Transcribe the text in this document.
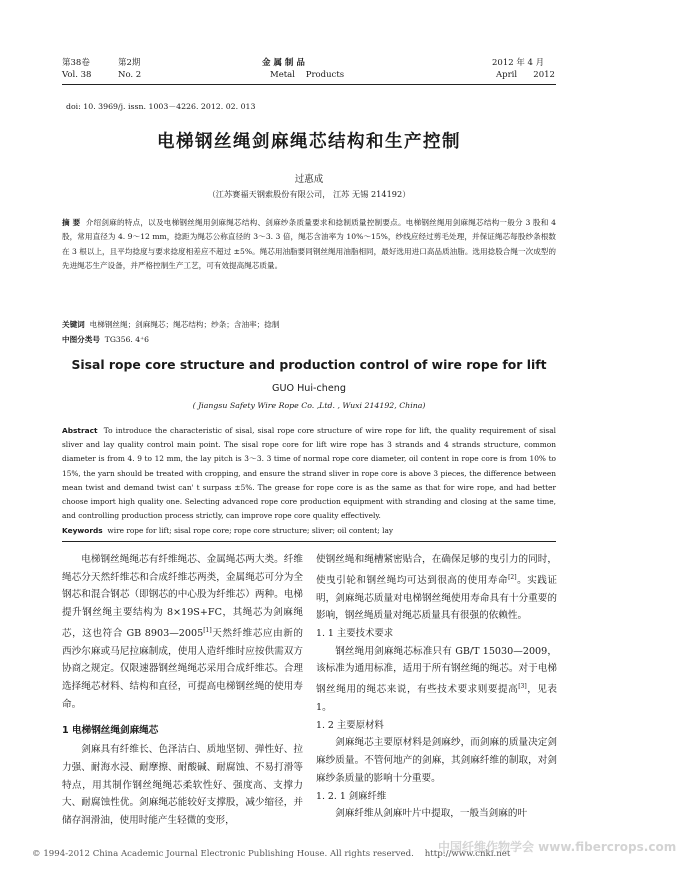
第38卷	第2期
Vol. 38	No. 2
金 属 制 品
Metal    Products
2012 年 4 月
April      2012
doi: 10. 3969/j. issn. 1003－4226. 2012. 02. 013
电梯钢丝绳剑麻绳芯结构和生产控制
过惠成
（江苏赛福天钢索股份有限公司， 江苏 无锡 214192）
摘 要 介绍剑麻的特点，以及电梯钢丝绳用剑麻绳芯结构、剑麻纱条质量要求和捻制质量控制要点。电梯钢丝绳用剑麻绳芯结构一般分 3 股和 4 股，常用直径为 4. 9～12 mm，捻距为绳芯公称直径的 3～3. 3 倍，绳芯含油率为 10%～15%，纱线应经过剪毛处理，并保证绳芯每股纱条根数在 3 根以上，且平均捻度与要求捻度相差应不超过 ±5%。绳芯用油脂要同钢丝绳用油脂相同，最好选用进口高品质油脂。选用捻股合绳一次成型的先进绳芯生产设备，并严格控制生产工艺，可有效提高绳芯质量。
关键词 电梯钢丝绳；剑麻绳芯；绳芯结构；纱条；含油率；捻制
中图分类号 TG356. 4⁺6
Sisal rope core structure and production control of wire rope for lift
GUO Hui-cheng
( Jiangsu Safety Wire Rope Co. ,Ltd. , Wuxi 214192, China)
Abstract To introduce the characteristic of sisal, sisal rope core structure of wire rope for lift, the quality requirement of sisal sliver and lay quality control main point. The sisal rope core for lift wire rope has 3 strands and 4 strands structure, common diameter is from 4. 9 to 12 mm, the lay pitch is 3～3. 3 time of normal rope core diameter, oil content in rope core is from 10% to 15%, the yarn should be treated with cropping, and ensure the strand sliver in rope core is above 3 pieces, the difference between mean twist and demand twist can' t surpass ±5%. The grease for rope core is as the same as that for wire rope, and had better choose import high quality one. Selecting advanced rope core production equipment with stranding and closing at the same time, and controlling production process strictly, can improve rope core quality effectively.
Keywords wire rope for lift; sisal rope core; rope core structure; sliver; oil content; lay

电梯钢丝绳绳芯有纤维绳芯、金属绳芯两大类。纤维绳芯分天然纤维芯和合成纤维芯两类，金属绳芯可分为全钢芯和混合钢芯（即钢芯的中心股为纤维芯）两种。电梯提升钢丝绳主要结构为 8×19S+FC，其绳芯为剑麻绳芯，这也符合 GB 8903—2005[1]天然纤维芯应由新的西沙尔麻或马尼拉麻制成，使用人造纤维时应按供需双方协商之规定。仅限速器钢丝绳绳芯采用合成纤维芯。合理选择绳芯材料、结构和直径，可提高电梯钢丝绳的使用寿命。

1 电梯钢丝绳剑麻绳芯

剑麻具有纤维长、色泽洁白、质地坚韧、弹性好、拉力强、耐海水浸、耐摩擦、耐酸碱、耐腐蚀、不易打滑等特点，用其制作钢丝绳绳芯柔软性好、强度高、支撑力大、耐腐蚀性优。剑麻绳芯能较好支撑股，减少缩径，并储存润滑油，使用时能产生轻微的变形，

使钢丝绳和绳槽紧密贴合，在确保足够的曳引力的同时，使曳引轮和钢丝绳均可达到很高的使用寿命[2]。实践证明，剑麻绳芯质量对电梯钢丝绳使用寿命具有十分重要的影响，钢丝绳质量对绳芯质量具有很强的依赖性。

1. 1 主要技术要求

钢丝绳用剑麻绳芯标准只有 GB/T 15030—2009，该标准为通用标准，适用于所有钢丝绳的绳芯。对于电梯钢丝绳用的绳芯来说，有些技术要求则要提高[3]，见表 1。

1. 2 主要原材料

剑麻绳芯主要原材料是剑麻纱，而剑麻的质量决定剑麻纱质量。不管何地产的剑麻，其剑麻纤维的制取，对剑麻纱条质量的影响十分重要。

1. 2. 1 剑麻纤维

剑麻纤维从剑麻叶片中提取，一般当剑麻的叶

© 1994-2012 China Academic Journal Electronic Publishing House. All rights reserved.    http://www.cnki.net
中国纤维作物学会 www.fibercrops.com
